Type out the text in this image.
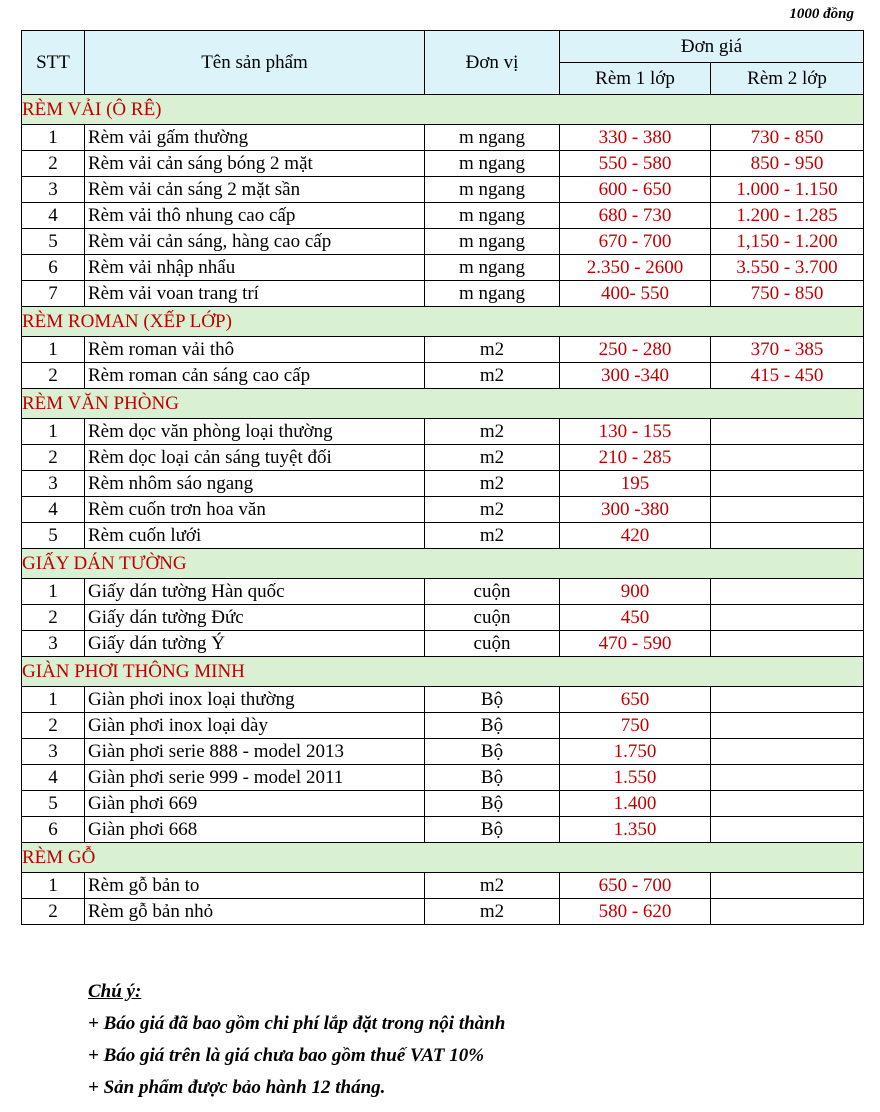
1000 đồng
STT	Tên sản phẩm	Đơn vị	Đơn giá	
			Rèm 1 lớp	Rèm 2 lớp
RÈM VẢI (Ô RÊ)				
1	Rèm vải gấm thường	m ngang	330 - 380	730 - 850
2	Rèm vải cản sáng bóng 2 mặt	m ngang	550 - 580	850 - 950
3	Rèm vải cản sáng 2 mặt sần	m ngang	600 - 650	1.000 - 1.150
4	Rèm vải thô nhung cao cấp	m ngang	680 - 730	1.200 - 1.285
5	Rèm vải cản sáng, hàng cao cấp	m ngang	670 - 700	1,150 - 1.200
6	Rèm vải nhập nhẩu	m ngang	2.350 - 2600	3.550 - 3.700
7	Rèm vải voan trang trí	m ngang	400- 550	750 - 850
RÈM ROMAN (XẾP LỚP)				
1	Rèm roman vải thô	m2	250 - 280	370 - 385
2	Rèm roman cản sáng cao cấp	m2	300 -340	415 - 450
RÈM VĂN PHÒNG				
1	Rèm dọc văn phòng loại thường	m2	130 - 155	
2	Rèm dọc loại cản sáng tuyệt đối	m2	210 - 285	
3	Rèm nhôm sáo ngang	m2	195	
4	Rèm cuốn trơn hoa văn	m2	300 -380	
5	Rèm cuốn lưới	m2	420	
GIẤY DÁN TƯỜNG				
1	Giấy dán tường Hàn quốc	cuộn	900	
2	Giấy dán tường Đức	cuộn	450	
3	Giấy dán tường Ý	cuộn	470 - 590	
GIÀN PHƠI THÔNG MINH				
1	Giàn phơi inox loại thường	Bộ	650	
2	Giàn phơi inox loại dày	Bộ	750	
3	Giàn phơi serie 888 - model 2013	Bộ	1.750	
4	Giàn phơi serie 999 - model 2011	Bộ	1.550	
5	Giàn phơi 669	Bộ	1.400	
6	Giàn phơi 668	Bộ	1.350	
RÈM GỖ				
1	Rèm gỗ bản to	m2	650 - 700	
2	Rèm gỗ bản nhỏ	m2	580 - 620	
Chú ý:
+ Báo giá đã bao gồm chi phí lắp đặt trong nội thành
+ Báo giá trên là giá chưa bao gồm thuế VAT 10%
+ Sản phẩm được bảo hành 12 tháng.
